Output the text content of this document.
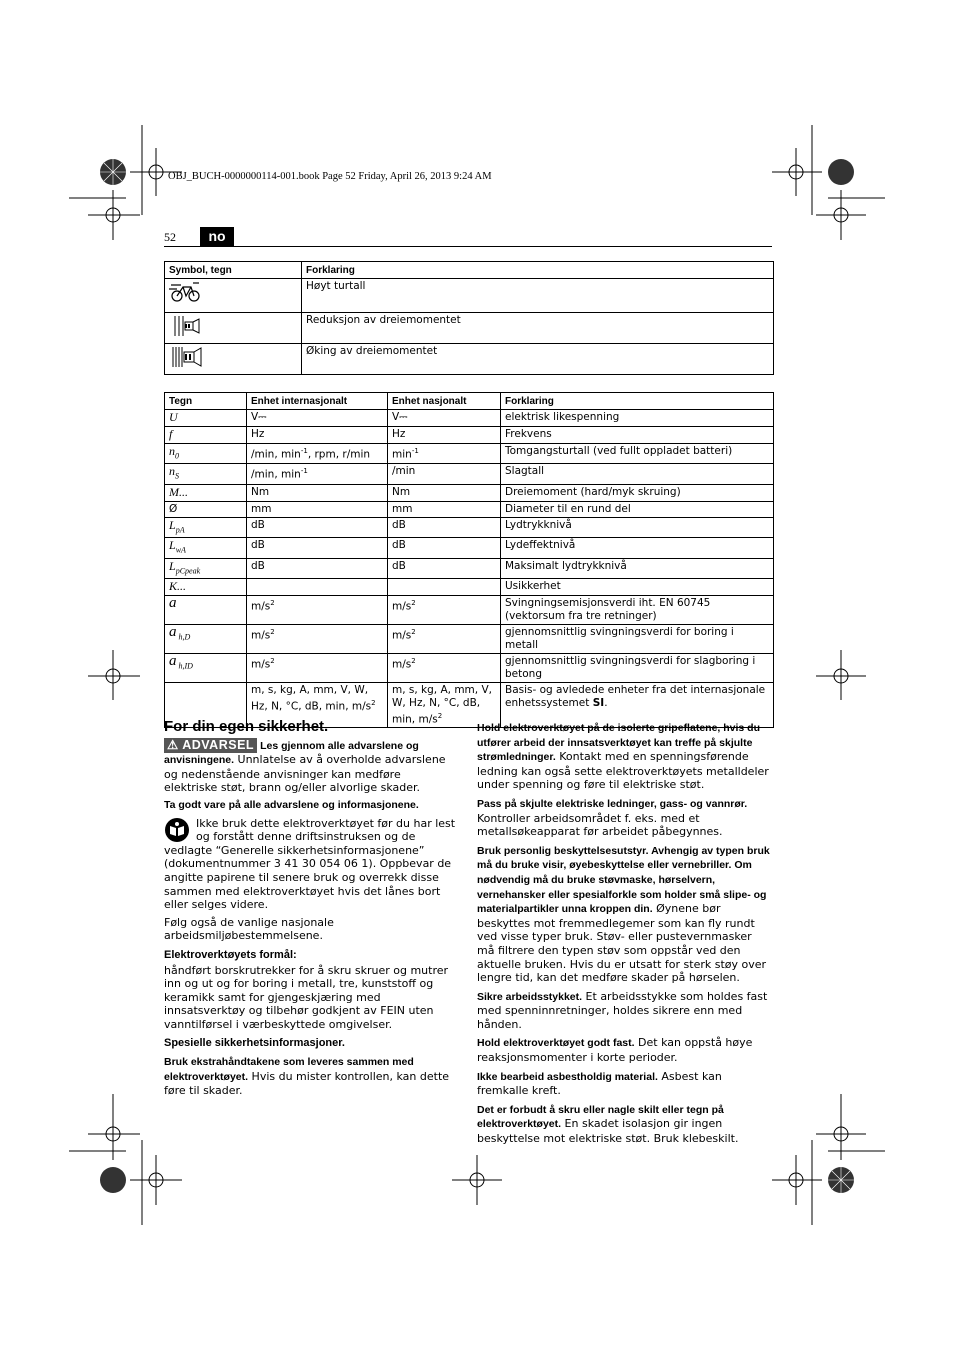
OBJ_BUCH-0000000114-001.book Page 52 Friday, April 26, 2013 9:24 AM
52	no
Symbol, tegn	Forklaring
	Høyt turtall
	Reduksjon av dreiemomentet
	Øking av dreiemomentet
Tegn	Enhet internasjonalt	Enhet nasjonalt	Forklaring
U	V⎓	V⎓	elektrisk likespenning
f	Hz	Hz	Frekvens
$n_0$	/min, $\min^{-1}$, rpm, r/min	$\min^{-1}$	Tomgangsturtall (ved fullt oppladet batteri)
$n_S$	/min, $\min^{-1}$	/min	Slagtall
M...	Nm	Nm	Dreiemoment (hard/myk skruing)
Ø	mm	mm	Diameter til en rund del
$L_{pA}$	dB	dB	Lydtrykknivå
$L_{wA}$	dB	dB	Lydeffektnivå
$L_{pCpeak}$	dB	dB	Maksimalt lydtrykknivå
K...			Usikkerhet
a	$m/s^2$	$m/s^2$	Svingningsemisjonsverdi iht. EN 60745 (vektorsum fra tre retninger)
a $_{h,D}$	$m/s^2$	$m/s^2$	gjennomsnittlig svingningsverdi for boring i metall
a $_{h,ID}$	$m/s^2$	$m/s^2$	gjennomsnittlig svingningsverdi for slagboring i betong
	m, s, kg, A, mm, V, W, Hz, N, °C, dB, min, $m/s^2$	m, s, kg, A, mm, V, W, Hz, N, °C, dB, min, $m/s^2$	Basis- og avledede enheter fra det internasjonale enhetssystemet SI.

For din egen sikkerhet.

⚠ ADVARSEL Les gjennom alle advarslene og anvisningene. Unnlatelse av å overholde advarslene og nedenstående anvisninger kan medføre elektriske støt, brann og/eller alvorlige skader.

Ta godt vare på alle advarslene og informasjonene.

Ikke bruk dette elektroverktøyet før du har lest og forstått denne driftsinstruksen og de vedlagte “Generelle sikkerhetsinformasjonene” (dokumentnummer 3 41 30 054 06 1). Oppbevar de angitte papirene til senere bruk og overrekk disse sammen med elektroverktøyet hvis det lånes bort eller selges videre.

Følg også de vanlige nasjonale arbeidsmiljøbestemmelsene.

Elektroverktøyets formål:

håndført borskrutrekker for å skru skruer og mutrer inn og ut og for boring i metall, tre, kunststoff og keramikk samt for gjengeskjæring med innsatsverktøy og tilbehør godkjent av FEIN uten vanntilførsel i værbeskyttede omgivelser.

Spesielle sikkerhetsinformasjoner.

Bruk ekstrahåndtakene som leveres sammen med elektroverktøyet. Hvis du mister kontrollen, kan dette føre til skader.

Hold elektroverktøyet på de isolerte gripeflatene, hvis du utfører arbeid der innsatsverktøyet kan treffe på skjulte strømledninger. Kontakt med en spenningsførende ledning kan også sette elektroverktøyets metalldeler under spenning og føre til elektriske støt.

Pass på skjulte elektriske ledninger, gass- og vannrør. Kontroller arbeidsområdet f. eks. med et metallsøkeapparat før arbeidet påbegynnes.

Bruk personlig beskyttelsesutstyr. Avhengig av typen bruk må du bruke visir, øyebeskyttelse eller vernebriller. Om nødvendig må du bruke støvmaske, hørselvern, vernehansker eller spesialforkle som holder små slipe- og materialpartikler unna kroppen din. Øynene bør beskyttes mot fremmedlegemer som kan fly rundt ved visse typer bruk. Støv- eller pustevernmasker må filtrere den typen støv som oppstår ved den aktuelle bruken. Hvis du er utsatt for sterk støy over lengre tid, kan det medføre skader på hørselen.

Sikre arbeidsstykket. Et arbeidsstykke som holdes fast med spenninnretninger, holdes sikrere enn med hånden.

Hold elektroverktøyet godt fast. Det kan oppstå høye reaksjonsmomenter i korte perioder.

Ikke bearbeid asbestholdig material. Asbest kan fremkalle kreft.

Det er forbudt å skru eller nagle skilt eller tegn på elektroverktøyet. En skadet isolasjon gir ingen beskyttelse mot elektriske støt. Bruk klebeskilt.
